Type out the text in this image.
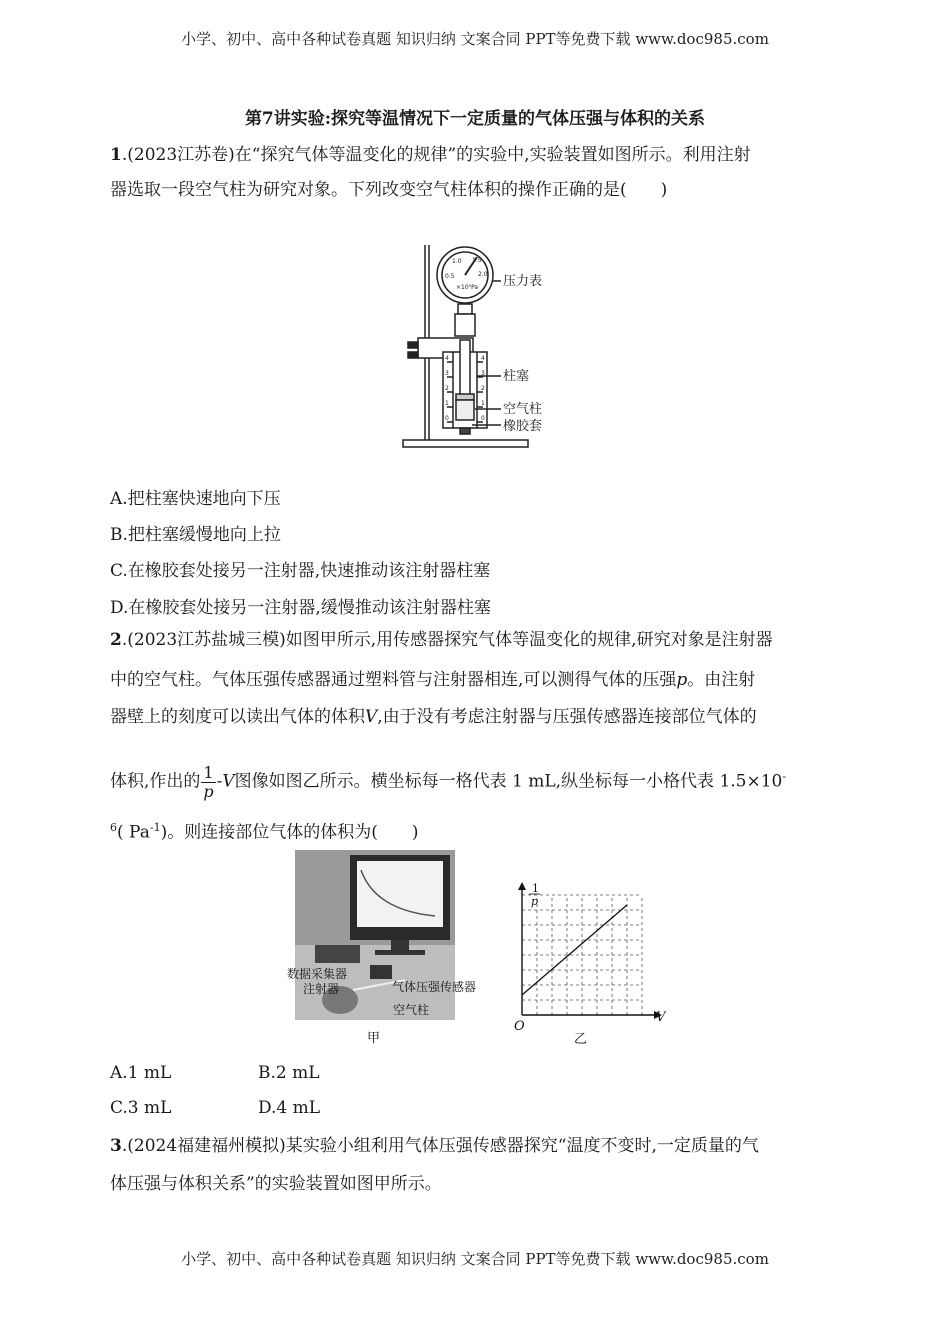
小学、初中、高中各种试卷真题 知识归纳 文案合同 PPT等免费下载 www.doc985.com
第7讲实验:探究等温情况下一定质量的气体压强与体积的关系
1.(2023江苏卷)在“探究气体等温变化的规律”的实验中,实验装置如图所示。利用注射
器选取一段空气柱为研究对象。下列改变空气柱体积的操作正确的是(　　)
0.5
1.0 1.5
2.0
×10⁵Pa
4
3
2
1
0
4
3
2
1
0
压力表
柱塞
空气柱
橡胶套
A.把柱塞快速地向下压
B.把柱塞缓慢地向上拉
C.在橡胶套处接另一注射器,快速推动该注射器柱塞
D.在橡胶套处接另一注射器,缓慢推动该注射器柱塞
2.(2023江苏盐城三模)如图甲所示,用传感器探究气体等温变化的规律,研究对象是注射器
中的空气柱。气体压强传感器通过塑料管与注射器相连,可以测得气体的压强p。由注射
器壁上的刻度可以读出气体的体积V,由于没有考虑注射器与压强传感器连接部位气体的
体积,作出的 $\frac{1}{p} -V$图像如图乙所示。横坐标每一格代表 1 mL,纵坐标每一小格代表 1.5×10-
$^6$( $Pa^{-1}$)。则连接部位气体的体积为(　　)
数据采集器
注射器	气体压强传感器
空气柱
甲
O
V
1
p
乙
A.1 mL	B.2 mL
C.3 mL	D.4 mL
3.(2024福建福州模拟)某实验小组利用气体压强传感器探究“温度不变时,一定质量的气
体压强与体积关系”的实验装置如图甲所示。
小学、初中、高中各种试卷真题 知识归纳 文案合同 PPT等免费下载 www.doc985.com
